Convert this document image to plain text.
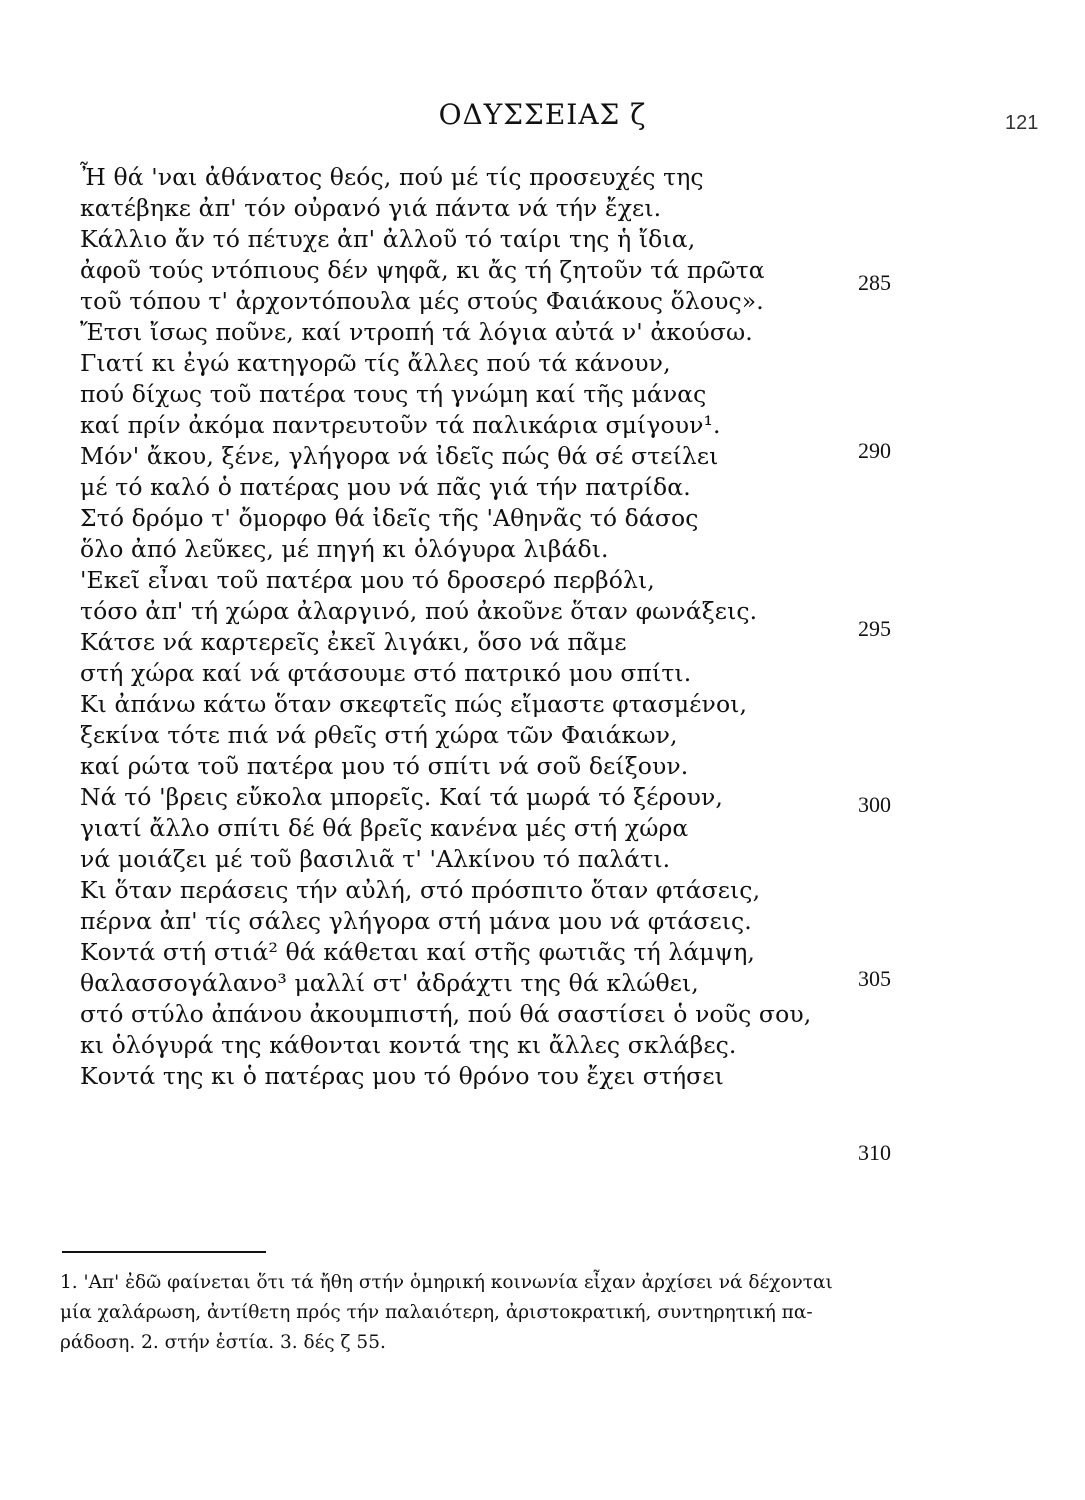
ΟΔΥΣΣΕΙΑΣ ζ	121
Ἦ θά 'ναι ἀθάνατος θεός, πού μέ τίς προσευχές της
κατέβηκε ἀπ' τόν οὐρανό γιά πάντα νά τήν ἔχει.
Κάλλιο ἄν τό πέτυχε ἀπ' ἀλλοῦ τό ταίρι της ἡ ἴδια,
ἀφοῦ τούς ντόπιους δέν ψηφᾶ, κι ἄς τή ζητοῦν τά πρῶτα
τοῦ τόπου τ' ἀρχοντόπουλα μές στούς Φαιάκους ὅλους».
Ἔτσι ἴσως ποῦνε, καί ντροπή τά λόγια αὐτά ν' ἀκούσω.
Γιατί κι ἐγώ κατηγορῶ τίς ἄλλες πού τά κάνουν,
πού δίχως τοῦ πατέρα τους τή γνώμη καί τῆς μάνας
καί πρίν ἀκόμα παντρευτοῦν τά παλικάρια σμίγουν¹.
Μόν' ἄκου, ξένε, γλήγορα νά ἰδεῖς πώς θά σέ στείλει
μέ τό καλό ὁ πατέρας μου νά πᾶς γιά τήν πατρίδα.
Στό δρόμο τ' ὄμορφο θά ἰδεῖς τῆς 'Αθηνᾶς τό δάσος
ὅλο ἀπό λεῦκες, μέ πηγή κι ὁλόγυρα λιβάδι.
'Εκεῖ εἶναι τοῦ πατέρα μου τό δροσερό περβόλι,
τόσο ἀπ' τή χώρα ἀλαργινό, πού ἀκοῦνε ὅταν φωνάξεις.
Κάτσε νά καρτερεῖς ἐκεῖ λιγάκι, ὅσο νά πᾶμε
στή χώρα καί νά φτάσουμε στό πατρικό μου σπίτι.
Κι ἀπάνω κάτω ὅταν σκεφτεῖς πώς εἴμαστε φτασμένοι,
ξεκίνα τότε πιά νά ρθεῖς στή χώρα τῶν Φαιάκων,
καί ρώτα τοῦ πατέρα μου τό σπίτι νά σοῦ δείξουν.
Νά τό 'βρεις εὔκολα μπορεῖς. Καί τά μωρά τό ξέρουν,
γιατί ἄλλο σπίτι δέ θά βρεῖς κανένα μές στή χώρα
νά μοιάζει μέ τοῦ βασιλιᾶ τ' 'Αλκίνου τό παλάτι.
Κι ὅταν περάσεις τήν αὐλή, στό πρόσπιτο ὅταν φτάσεις,
πέρνα ἀπ' τίς σάλες γλήγορα στή μάνα μου νά φτάσεις.
Κοντά στή στιά² θά κάθεται καί στῆς φωτιᾶς τή λάμψη,
θαλασσογάλανο³ μαλλί στ' ἀδράχτι της θά κλώθει,
στό στύλο ἀπάνου ἀκουμπιστή, πού θά σαστίσει ὁ νοῦς σου,
κι ὁλόγυρά της κάθονται κοντά της κι ἄλλες σκλάβες.
Κοντά της κι ὁ πατέρας μου τό θρόνο του ἔχει στήσει
285
290
295
300
305
310

1. 'Απ' ἐδῶ φαίνεται ὅτι τά ἤθη στήν ὁμηρική κοινωνία εἶχαν ἀρχίσει νά δέχονται

μία χαλάρωση, ἀντίθετη πρός τήν παλαιότερη, ἀριστοκρατική, συντηρητική πα-

ράδοση. 2. στήν ἑστία. 3. δές ζ 55.
